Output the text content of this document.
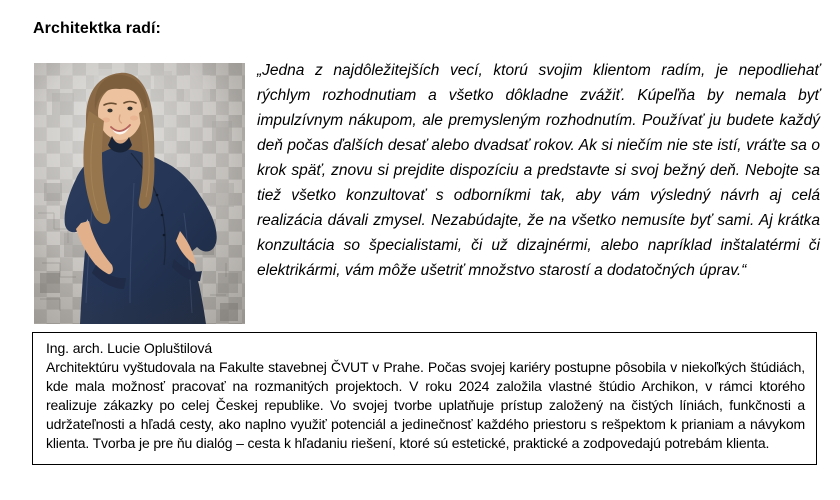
Architektka radí:

„Jedna z najdôležitejších vecí, ktorú svojim klientom radím, je nepodliehať rýchlym rozhodnutiam a všetko dôkladne zvážiť. Kúpeľňa by nemala byť impulzívnym nákupom, ale premysleným rozhodnutím. Používať ju budete každý deň počas ďalších desať alebo dvadsať rokov. Ak si niečím nie ste istí, vráťte sa o krok späť, znovu si prejdite dispozíciu a predstavte si svoj bežný deň. Nebojte sa tiež všetko konzultovať s odborníkmi tak, aby vám výsledný návrh aj celá realizácia dávali zmysel. Nezabúdajte, že na všetko nemusíte byť sami. Aj krátka konzultácia so špecialistami, či už dizajnérmi, alebo napríklad inštalatérmi či elektrikármi, vám môže ušetriť množstvo starostí a dodatočných úprav.“

Ing. arch. Lucie Opluštilová

Architektúru vyštudovala na Fakulte stavebnej ČVUT v Prahe. Počas svojej kariéry postupne pôsobila v niekoľkých štúdiách, kde mala možnosť pracovať na rozmanitých projektoch. V roku 2024 založila vlastné štúdio Archikon, v rámci ktorého realizuje zákazky po celej Českej republike. Vo svojej tvorbe uplatňuje prístup založený na čistých líniách, funkčnosti a udržateľnosti a hľadá cesty, ako naplno využiť potenciál a jedinečnosť každého priestoru s rešpektom k prianiam a návykom klienta. Tvorba je pre ňu dialóg – cesta k hľadaniu riešení, ktoré sú estetické, praktické a zodpovedajú potrebám klienta.
